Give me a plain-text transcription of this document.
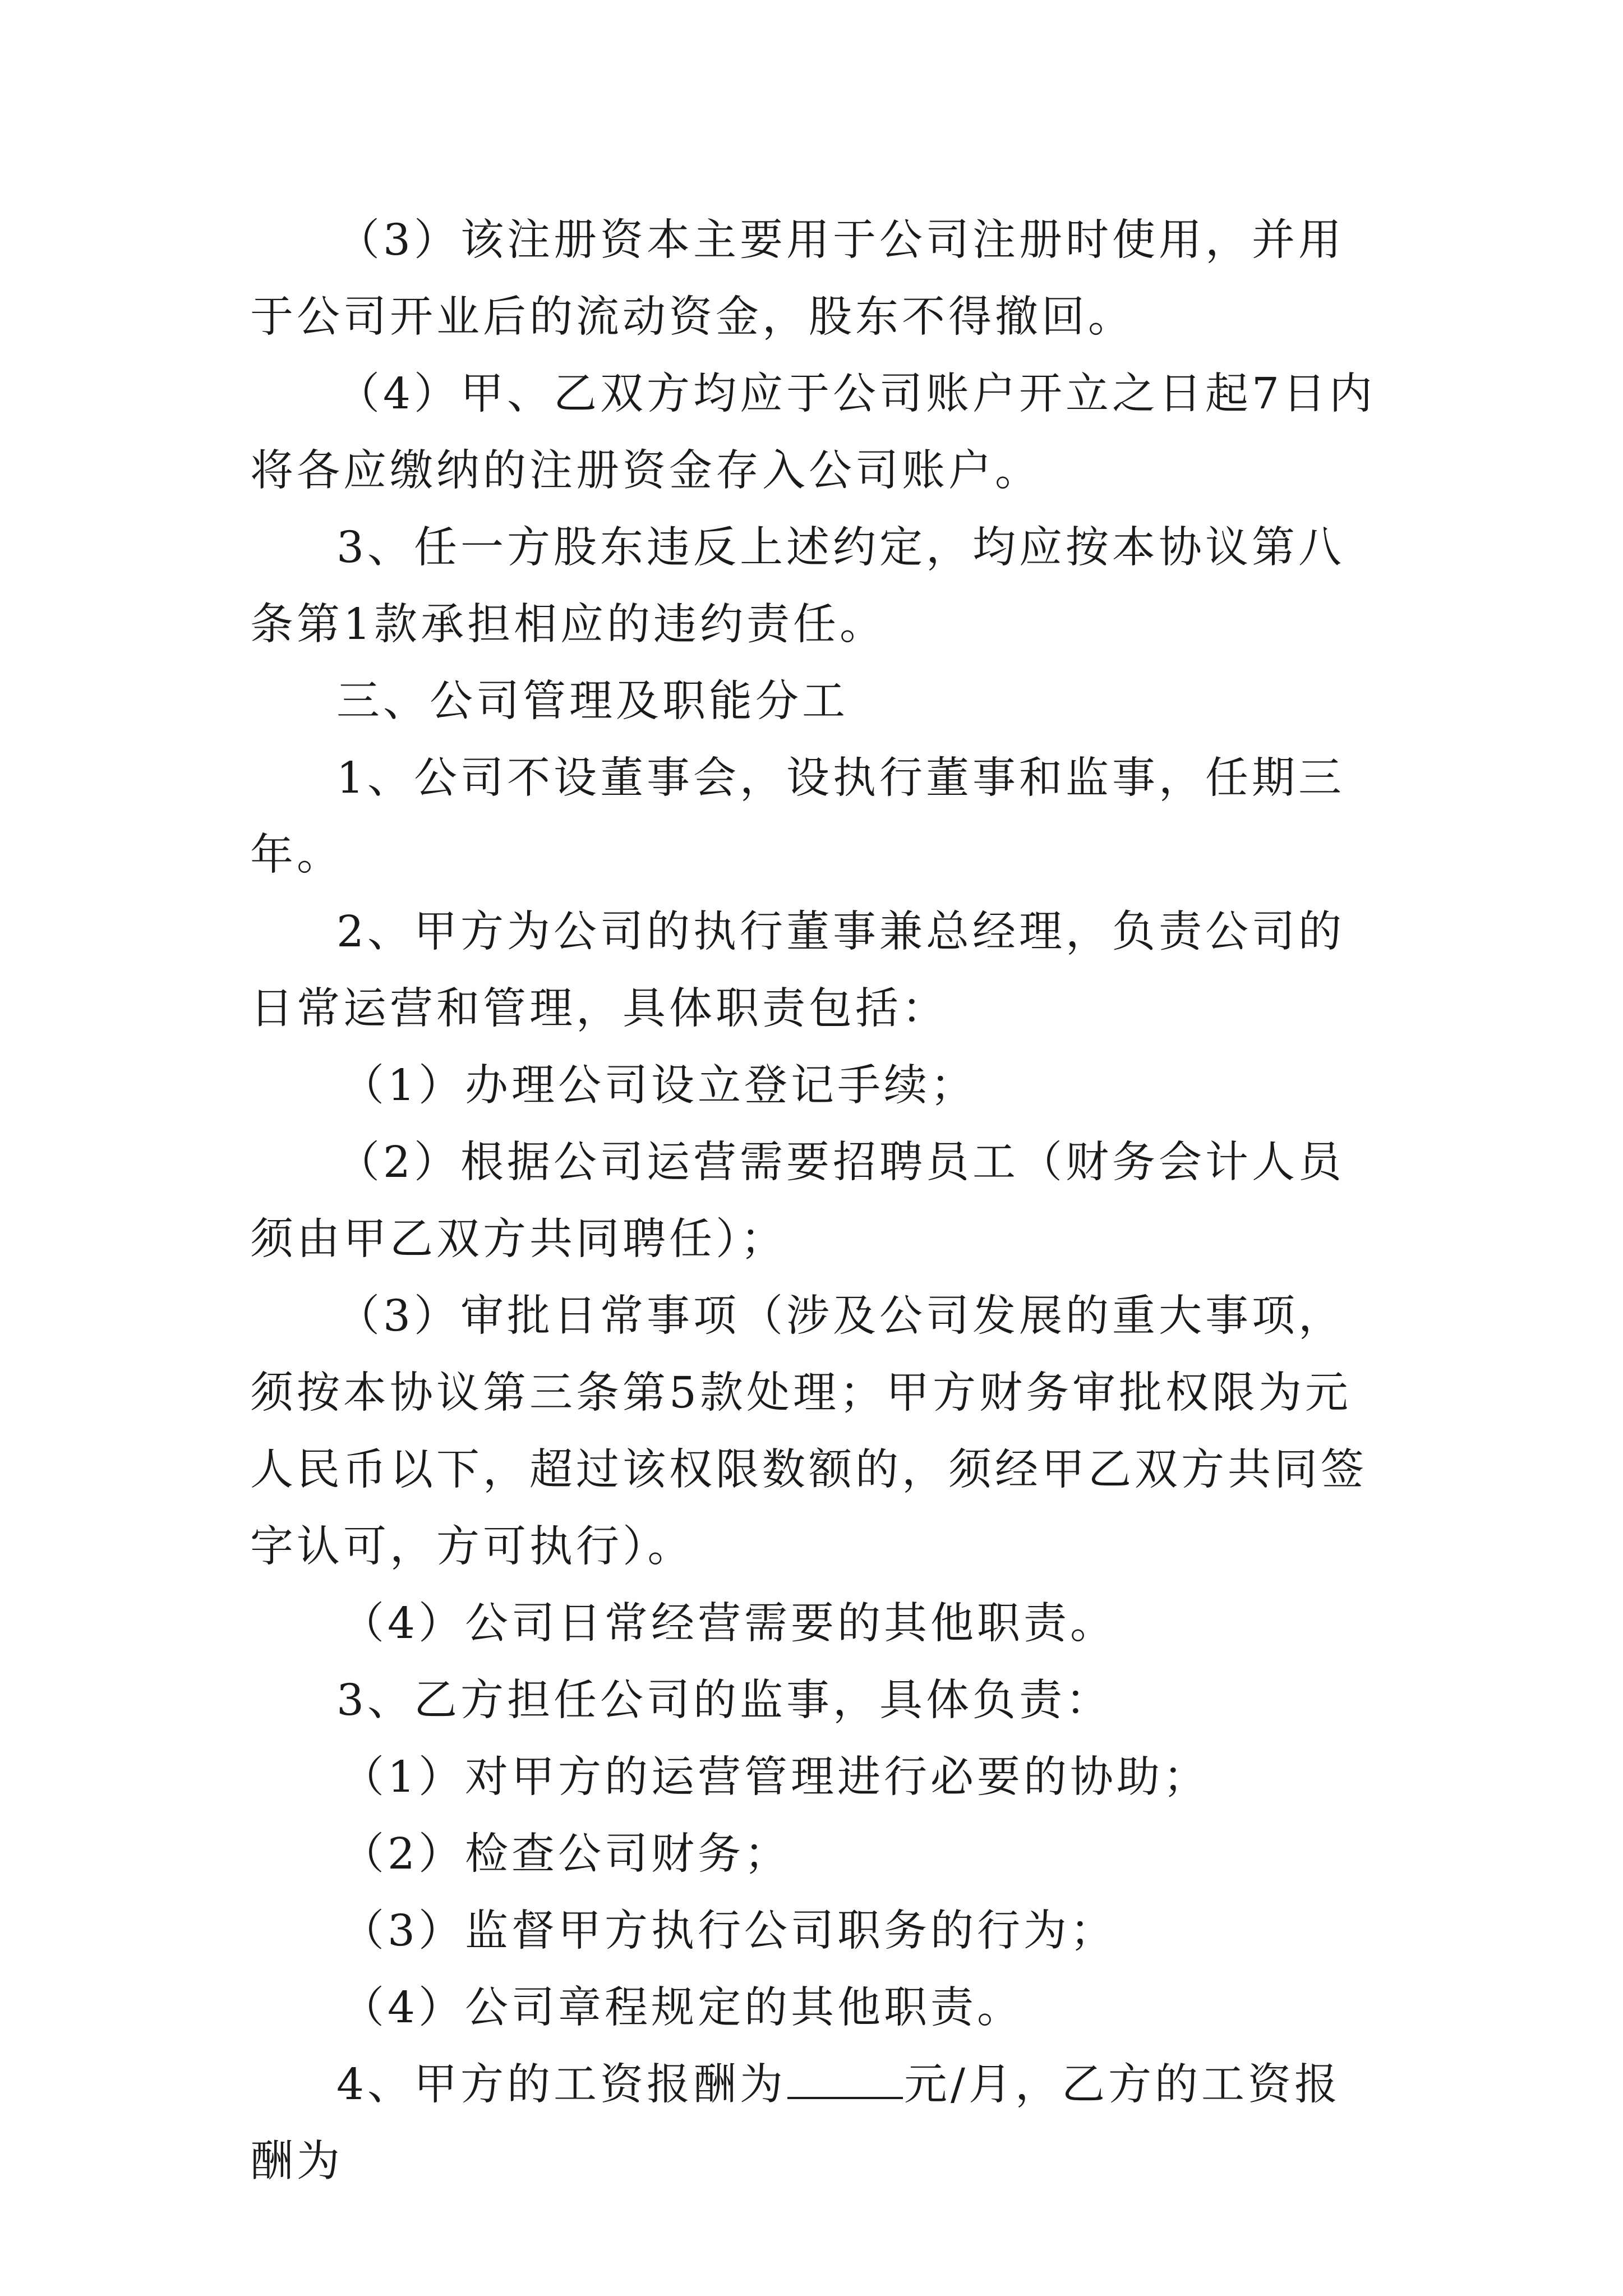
（3）该注册资本主要用于公司注册时使用，并用于公司开业后的流动资金，股东不得撤回。

（4）甲、乙双方均应于公司账户开立之日起7日内将各应缴纳的注册资金存入公司账户。

3、任一方股东违反上述约定，均应按本协议第八条第1款承担相应的违约责任。

三、公司管理及职能分工

1、公司不设董事会，设执行董事和监事，任期三年。

2、甲方为公司的执行董事兼总经理，负责公司的日常运营和管理，具体职责包括：

（1）办理公司设立登记手续；

（2）根据公司运营需要招聘员工（财务会计人员须由甲乙双方共同聘任）；

（3）审批日常事项（涉及公司发展的重大事项，须按本协议第三条第5款处理；甲方财务审批权限为元人民币以下，超过该权限数额的，须经甲乙双方共同签字认可，方可执行）。

（4）公司日常经营需要的其他职责。

3、乙方担任公司的监事，具体负责：

（1）对甲方的运营管理进行必要的协助；

（2）检查公司财务；

（3）监督甲方执行公司职务的行为；

（4）公司章程规定的其他职责。

4、甲方的工资报酬为	元/月，乙方的工资报酬为
